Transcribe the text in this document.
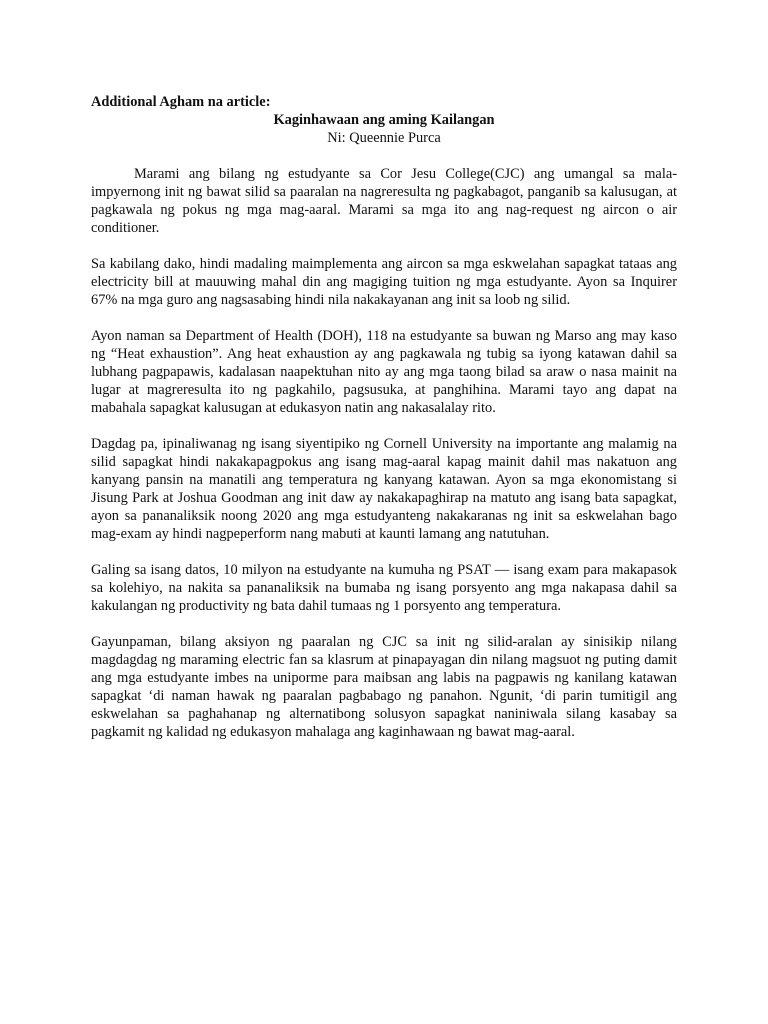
Additional Agham na article:

Kaginhawaan ang aming Kailangan

Ni: Queennie Purca

Marami ang bilang ng estudyante sa Cor Jesu College(CJC) ang umangal sa mala-impyernong init ng bawat silid sa paaralan na nagreresulta ng pagkabagot, panganib sa kalusugan, at pagkawala ng pokus ng mga mag-aaral. Marami sa mga ito ang nag-request ng aircon o air conditioner.

Sa kabilang dako, hindi madaling maimplementa ang aircon sa mga eskwelahan sapagkat tataas ang electricity bill at mauuwing mahal din ang magiging tuition ng mga estudyante. Ayon sa Inquirer 67% na mga guro ang nagsasabing hindi nila nakakayanan ang init sa loob ng silid.

Ayon naman sa Department of Health (DOH), 118 na estudyante sa buwan ng Marso ang may kaso ng “Heat exhaustion”. Ang heat exhaustion ay ang pagkawala ng tubig sa iyong katawan dahil sa lubhang pagpapawis, kadalasan naapektuhan nito ay ang mga taong bilad sa araw o nasa mainit na lugar at magreresulta ito ng pagkahilo, pagsusuka, at panghihina. Marami tayo ang dapat na mabahala sapagkat kalusugan at edukasyon natin ang nakasalalay rito.

Dagdag pa, ipinaliwanag ng isang siyentipiko ng Cornell University na importante ang malamig na silid sapagkat hindi nakakapagpokus ang isang mag-aaral kapag mainit dahil mas nakatuon ang kanyang pansin na manatili ang temperatura ng kanyang katawan. Ayon sa mga ekonomistang si Jisung Park at Joshua Goodman ang init daw ay nakakapaghirap na matuto ang isang bata sapagkat, ayon sa pananaliksik noong 2020 ang mga estudyanteng nakakaranas ng init sa eskwelahan bago mag-exam ay hindi nagpeperform nang mabuti at kaunti lamang ang natutuhan.

Galing sa isang datos, 10 milyon na estudyante na kumuha ng PSAT — isang exam para makapasok sa kolehiyo, na nakita sa pananaliksik na bumaba ng isang porsyento ang mga nakapasa dahil sa kakulangan ng productivity ng bata dahil tumaas ng 1 porsyento ang temperatura.

Gayunpaman, bilang aksiyon ng paaralan ng CJC sa init ng silid-aralan ay sinisikip nilang magdagdag ng maraming electric fan sa klasrum at pinapayagan din nilang magsuot ng puting damit ang mga estudyante imbes na uniporme para maibsan ang labis na pagpawis ng kanilang katawan sapagkat ‘di naman hawak ng paaralan pagbabago ng panahon. Ngunit, ‘di parin tumitigil ang eskwelahan sa paghahanap ng alternatibong solusyon sapagkat naniniwala silang kasabay sa pagkamit ng kalidad ng edukasyon mahalaga ang kaginhawaan ng bawat mag-aaral.
